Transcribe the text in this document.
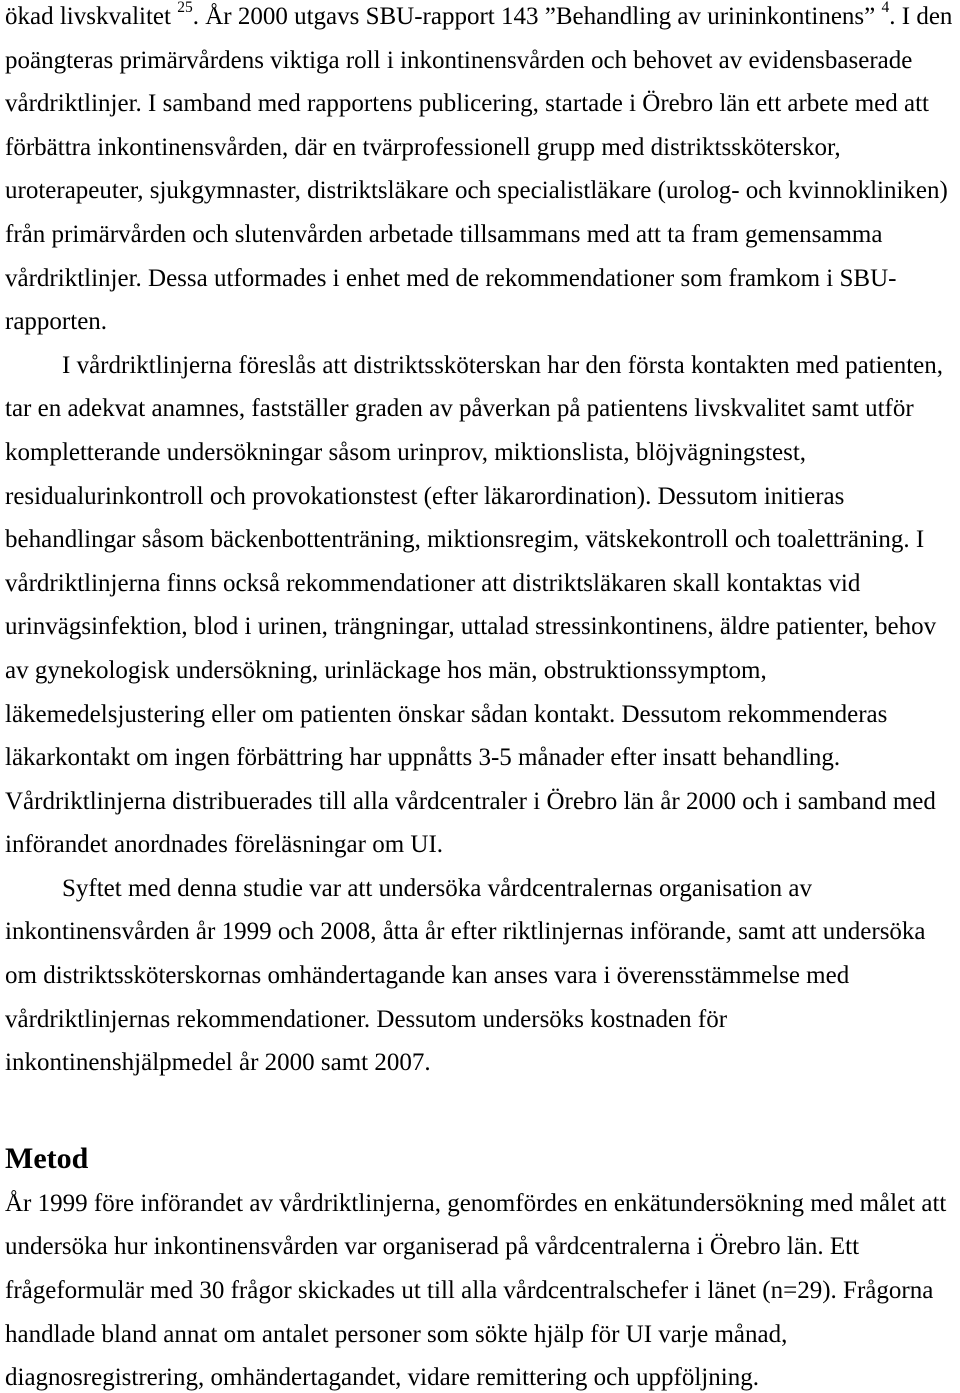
ökad livskvalitet $^{25}$. År 2000 utgavs SBU-rapport 143 ”Behandling av urininkontinens” $^4$. I den
poängteras primärvårdens viktiga roll i inkontinensvården och behovet av evidensbaserade
vårdriktlinjer. I samband med rapportens publicering, startade i Örebro län ett arbete med att
förbättra inkontinensvården, där en tvärprofessionell grupp med distriktssköterskor,
uroterapeuter, sjukgymnaster, distriktsläkare och specialistläkare (urolog- och kvinnokliniken)
från primärvården och slutenvården arbetade tillsammans med att ta fram gemensamma
vårdriktlinjer. Dessa utformades i enhet med de rekommendationer som framkom i SBU-
rapporten.
I vårdriktlinjerna föreslås att distriktssköterskan har den första kontakten med patienten,
tar en adekvat anamnes, fastställer graden av påverkan på patientens livskvalitet samt utför
kompletterande undersökningar såsom urinprov, miktionslista, blöjvägningstest,
residualurinkontroll och provokationstest (efter läkarordination). Dessutom initieras
behandlingar såsom bäckenbottenträning, miktionsregim, vätskekontroll och toaletträning. I
vårdriktlinjerna finns också rekommendationer att distriktsläkaren skall kontaktas vid
urinvägsinfektion, blod i urinen, trängningar, uttalad stressinkontinens, äldre patienter, behov
av gynekologisk undersökning, urinläckage hos män, obstruktionssymptom,
läkemedelsjustering eller om patienten önskar sådan kontakt. Dessutom rekommenderas
läkarkontakt om ingen förbättring har uppnåtts 3-5 månader efter insatt behandling.
Vårdriktlinjerna distribuerades till alla vårdcentraler i Örebro län år 2000 och i samband med
införandet anordnades föreläsningar om UI.
Syftet med denna studie var att undersöka vårdcentralernas organisation av
inkontinensvården år 1999 och 2008, åtta år efter riktlinjernas införande, samt att undersöka
om distriktssköterskornas omhändertagande kan anses vara i överensstämmelse med
vårdriktlinjernas rekommendationer. Dessutom undersöks kostnaden för
inkontinenshjälpmedel år 2000 samt 2007.
Metod
År 1999 före införandet av vårdriktlinjerna, genomfördes en enkätundersökning med målet att
undersöka hur inkontinensvården var organiserad på vårdcentralerna i Örebro län. Ett
frågeformulär med 30 frågor skickades ut till alla vårdcentralschefer i länet (n=29). Frågorna
handlade bland annat om antalet personer som sökte hjälp för UI varje månad,
diagnosregistrering, omhändertagandet, vidare remittering och uppföljning.
